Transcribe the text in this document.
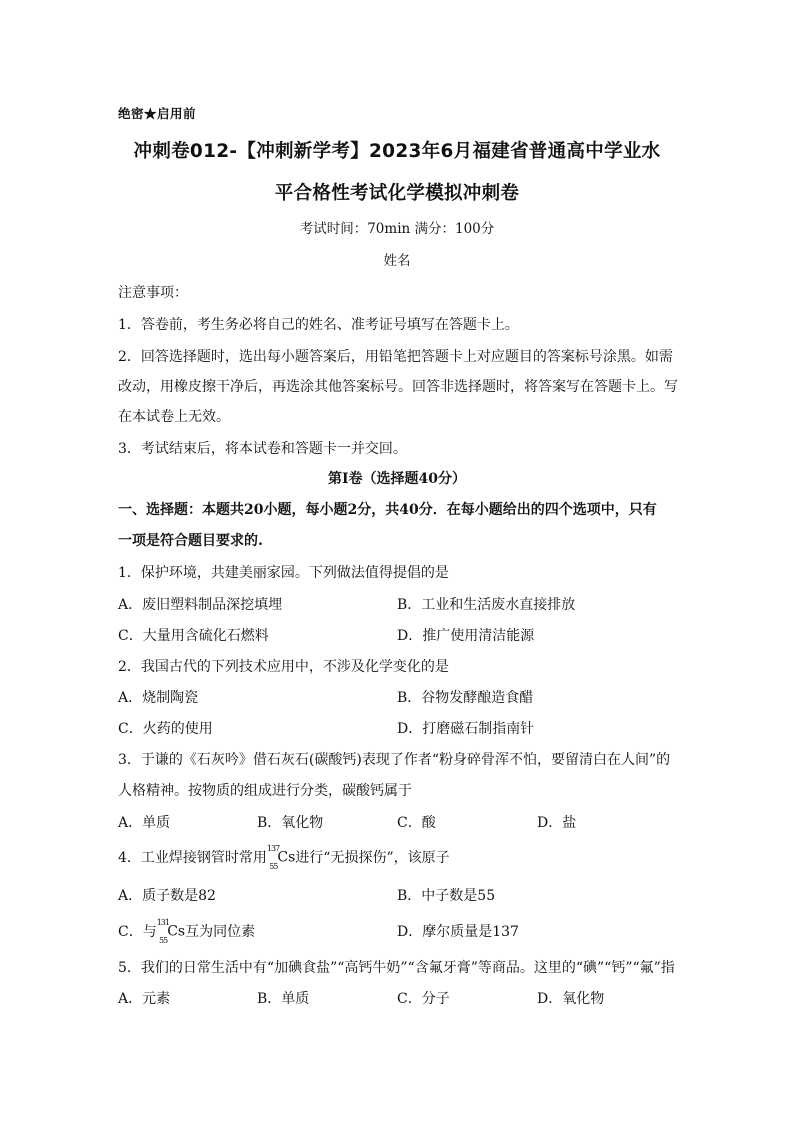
绝密★启用前
冲刺卷012-【冲刺新学考】2023年6月福建省普通高中学业水
平合格性考试化学模拟冲刺卷
考试时间：70min 满分：100分
姓名
注意事项：
1．答卷前，考生务必将自己的姓名、准考证号填写在答题卡上。
2．回答选择题时，选出每小题答案后，用铅笔把答题卡上对应题目的答案标号涂黑。如需
改动，用橡皮擦干净后，再选涂其他答案标号。回答非选择题时，将答案写在答题卡上。写
在本试卷上无效。
3．考试结束后，将本试卷和答题卡一并交回。
第I卷（选择题40分）
一、选择题：本题共20小题，每小题2分，共40分．在每小题给出的四个选项中，只有
一项是符合题目要求的.
1．保护环境，共建美丽家园。下列做法值得提倡的是
A．废旧塑料制品深挖填埋	B．工业和生活废水直接排放
C．大量用含硫化石燃料	D．推广使用清洁能源
2．我国古代的下列技术应用中，不涉及化学变化的是
A．烧制陶瓷	B．谷物发酵酿造食醋
C．火药的使用	D．打磨磁石制指南针
3．于谦的《石灰吟》借石灰石(碳酸钙)表现了作者“粉身碎骨浑不怕，要留清白在人间”的
人格精神。按物质的组成进行分类，碳酸钙属于
A．单质	B．氧化物	C．酸	D．盐
4．工业焊接钢管时常用$^{137}_{55}$Cs进行“无损探伤”，该原子
A．质子数是82	B．中子数是55
C．与$^{131}_{55}$Cs互为同位素	D．摩尔质量是137
5．我们的日常生活中有“加碘食盐”“高钙牛奶”“含氟牙膏”等商品。这里的“碘”“钙”“氟”指
A．元素	B．单质	C．分子	D．氧化物
